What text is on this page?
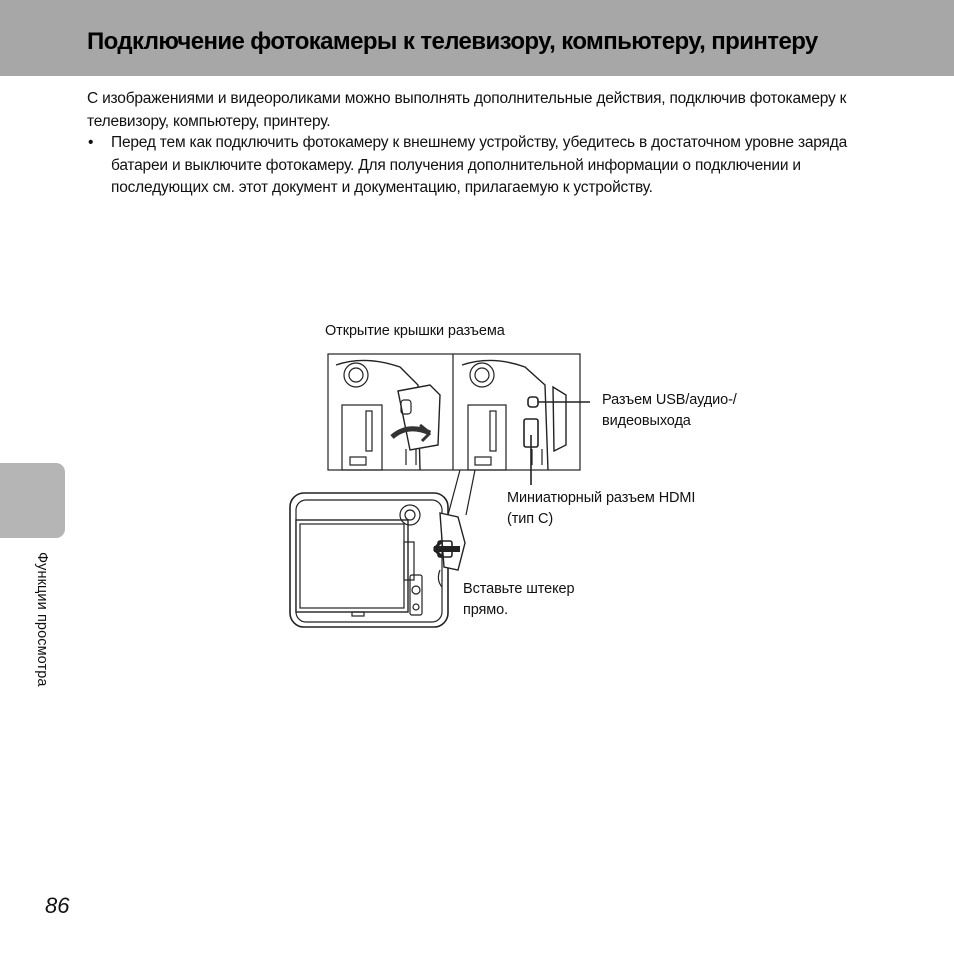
Подключение фотокамеры к телевизору, компьютеру, принтеру

С изображениями и видеороликами можно выполнять дополнительные действия, подключив фотокамеру к телевизору, компьютеру, принтеру.

• Перед тем как подключить фотокамеру к внешнему устройству, убедитесь в достаточном уровне заряда батареи и выключите фотокамеру. Для получения дополнительной информации о подключении и последующих см. этот документ и документацию, прилагаемую к устройству.

Открытие крышки разъема

Разъем USB/аудио-/
видеовыхода

Миниатюрный разъем HDMI
(тип C)

Вставьте штекер
прямо.

Функции просмотра
86
